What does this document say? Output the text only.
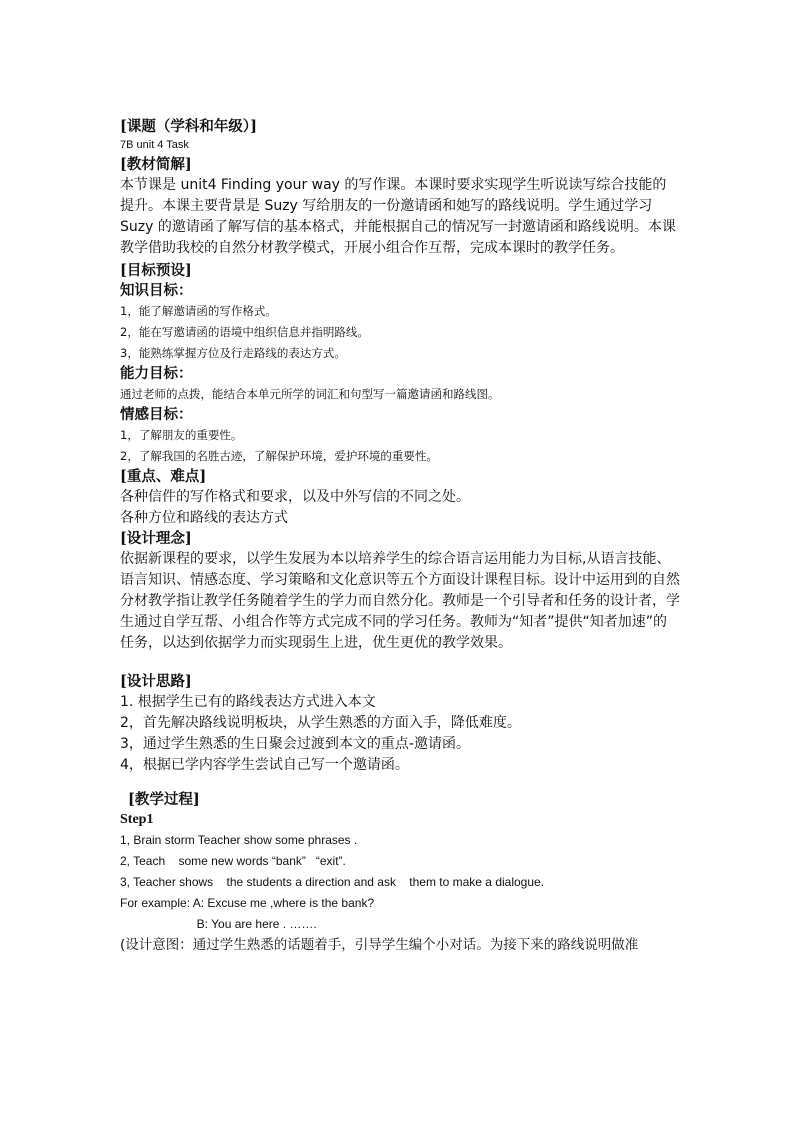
[课题（学科和年级）]

7B unit 4 Task

[教材简解]

本节课是 unit4 Finding your way 的写作课。本课时要求实现学生听说读写综合技能的提升。本课主要背景是 Suzy 写给朋友的一份邀请函和她写的路线说明。学生通过学习 Suzy 的邀请函了解写信的基本格式，并能根据自己的情况写一封邀请函和路线说明。本课教学借助我校的自然分材教学模式，开展小组合作互帮，完成本课时的教学任务。

[目标预设]

知识目标：

1，能了解邀请函的写作格式。

2，能在写邀请函的语境中组织信息并指明路线。

3，能熟练掌握方位及行走路线的表达方式。

能力目标：

通过老师的点拨，能结合本单元所学的词汇和句型写一篇邀请函和路线图。

情感目标：

1，了解朋友的重要性。

2，了解我国的名胜古迹，了解保护环境，爱护环境的重要性。

[重点、难点]

各种信件的写作格式和要求，以及中外写信的不同之处。

各种方位和路线的表达方式

[设计理念]

依据新课程的要求，以学生发展为本以培养学生的综合语言运用能力为目标,从语言技能、语言知识、情感态度、学习策略和文化意识等五个方面设计课程目标。设计中运用到的自然分材教学指让教学任务随着学生的学力而自然分化。教师是一个引导者和任务的设计者，学生通过自学互帮、小组合作等方式完成不同的学习任务。教师为“知者”提供“知者加速”的任务，以达到依据学力而实现弱生上进，优生更优的教学效果。

[设计思路]

1. 根据学生已有的路线表达方式进入本文

2，首先解决路线说明板块，从学生熟悉的方面入手，降低难度。

3，通过学生熟悉的生日聚会过渡到本文的重点-邀请函。

4，根据已学内容学生尝试自己写一个邀请函。

[教学过程]

Step1

1, Brain storm Teacher show some phrases .

2, Teach    some new words “bank”   “exit”.

3, Teacher shows    the students a direction and ask    them to make a dialogue.

For example: A: Excuse me ,where is the bank?

B: You are here . …….

(设计意图：通过学生熟悉的话题着手，引导学生编个小对话。为接下来的路线说明做准
